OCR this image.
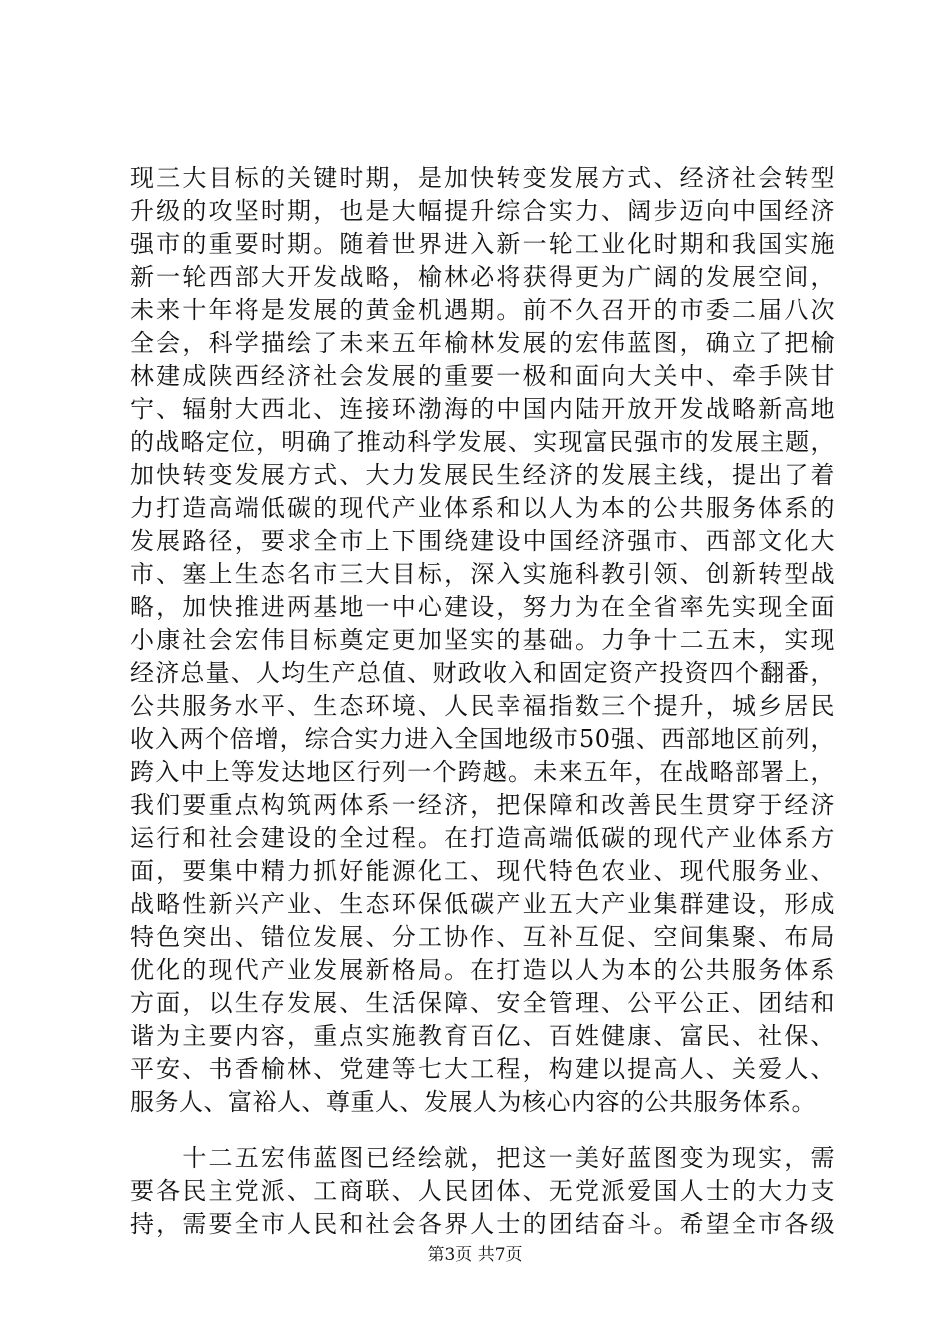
现三大目标的关键时期，是加快转变发展方式、经济社会转型
升级的攻坚时期，也是大幅提升综合实力、阔步迈向中国经济
强市的重要时期。随着世界进入新一轮工业化时期和我国实施
新一轮西部大开发战略，榆林必将获得更为广阔的发展空间，
未来十年将是发展的黄金机遇期。前不久召开的市委二届八次
全会，科学描绘了未来五年榆林发展的宏伟蓝图，确立了把榆
林建成陕西经济社会发展的重要一极和面向大关中、牵手陕甘
宁、辐射大西北、连接环渤海的中国内陆开放开发战略新高地
的战略定位，明确了推动科学发展、实现富民强市的发展主题，
加快转变发展方式、大力发展民生经济的发展主线，提出了着
力打造高端低碳的现代产业体系和以人为本的公共服务体系的
发展路径，要求全市上下围绕建设中国经济强市、西部文化大
市、塞上生态名市三大目标，深入实施科教引领、创新转型战
略，加快推进两基地一中心建设，努力为在全省率先实现全面
小康社会宏伟目标奠定更加坚实的基础。力争十二五末，实现
经济总量、人均生产总值、财政收入和固定资产投资四个翻番，
公共服务水平、生态环境、人民幸福指数三个提升，城乡居民
收入两个倍增，综合实力进入全国地级市50强、西部地区前列，
跨入中上等发达地区行列一个跨越。未来五年，在战略部署上，
我们要重点构筑两体系一经济，把保障和改善民生贯穿于经济
运行和社会建设的全过程。在打造高端低碳的现代产业体系方
面，要集中精力抓好能源化工、现代特色农业、现代服务业、
战略性新兴产业、生态环保低碳产业五大产业集群建设，形成
特色突出、错位发展、分工协作、互补互促、空间集聚、布局
优化的现代产业发展新格局。在打造以人为本的公共服务体系
方面，以生存发展、生活保障、安全管理、公平公正、团结和
谐为主要内容，重点实施教育百亿、百姓健康、富民、社保、
平安、书香榆林、党建等七大工程，构建以提高人、关爱人、
服务人、富裕人、尊重人、发展人为核心内容的公共服务体系。
　　十二五宏伟蓝图已经绘就，把这一美好蓝图变为现实，需
要各民主党派、工商联、人民团体、无党派爱国人士的大力支
持，需要全市人民和社会各界人士的团结奋斗。希望全市各级
第3页 共7页
